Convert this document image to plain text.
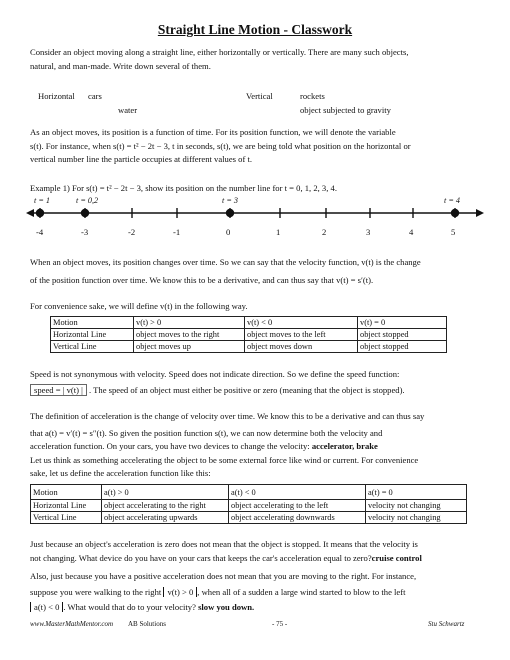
Straight Line Motion - Classwork
Consider an object moving along a straight line, either horizontally or vertically. There are many such objects,
natural, and man-made. Write down several of them.
Horizontal cars
water
Vertical	rockets
object subjected to gravity
As an object moves, its position is a function of time. For its position function, we will denote the variable
s(t). For instance, when s(t) = t² − 2t − 3, t in seconds, s(t), we are being told what position on the horizontal or
vertical number line the particle occupies at different values of t.
Example 1) For s(t) = t² − 2t − 3, show its position on the number line for t = 0, 1, 2, 3, 4.
-4	-3	-2	-1	0	1	2	3	4	5
t = 1	t = 0,2	t = 3	t = 4
When an object moves, its position changes over time. So we can say that the velocity function, v(t) is the change
of the position function over time. We know this to be a derivative, and can thus say that v(t) = s′(t).
For convenience sake, we will define v(t) in the following way.
Motion	v(t) > 0	v(t) < 0	v(t) = 0
Horizontal Line	object moves to the right	object moves to the left	object stopped
Vertical Line	object moves up	object moves down	object stopped
Speed is not synonymous with velocity. Speed does not indicate direction. So we define the speed function:
speed = | v(t) | . The speed of an object must either be positive or zero (meaning that the object is stopped).
The definition of acceleration is the change of velocity over time. We know this to be a derivative and can thus say
that a(t) = v′(t) = s″(t). So given the position function s(t), we can now determine both the velocity and
acceleration function. On your cars, you have two devices to change the velocity: accelerator, brake
Let us think as something accelerating the object to be some external force like wind or current. For convenience
sake, let us define the acceleration function like this:
Motion	a(t) > 0	a(t) < 0	a(t) = 0
Horizontal Line	object accelerating to the right	object accelerating to the left	velocity not changing
Vertical Line	object accelerating upwards	object accelerating downwards	velocity not changing
Just because an object's acceleration is zero does not mean that the object is stopped. It means that the velocity is
not changing. What device do you have on your cars that keeps the car's acceleration equal to zero?cruise control
Also, just because you have a positive acceleration does not mean that you are moving to the right. For instance,
suppose you were walking to the right v(t) > 0 , when all of a sudden a large wind started to blow to the left
a(t) < 0 . What would that do to your velocity? slow you down.
www.MasterMathMentor.com AB Solutions	- 75 -	Stu Schwartz
